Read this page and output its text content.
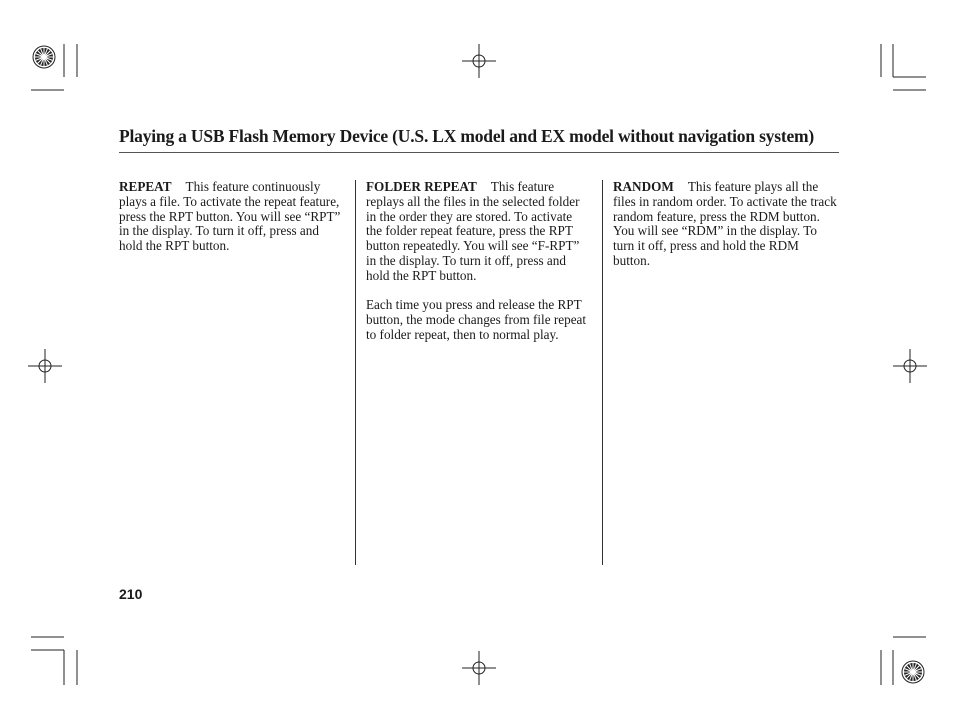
Playing a USB Flash Memory Device (U.S. LX model and EX model without navigation system)

REPEAT This feature continuously plays a file. To activate the repeat feature, press the RPT button. You will see “RPT” in the display. To turn it off, press and hold the RPT button.

FOLDER REPEAT This feature replays all the files in the selected folder in the order they are stored. To activate the folder repeat feature, press the RPT button repeatedly. You will see “F-RPT” in the display. To turn it off, press and hold the RPT button.

Each time you press and release the RPT button, the mode changes from file repeat to folder repeat, then to normal play.

RANDOM This feature plays all the files in random order. To activate the track random feature, press the RDM button. You will see “RDM” in the display. To turn it off, press and hold the RDM button.

210
